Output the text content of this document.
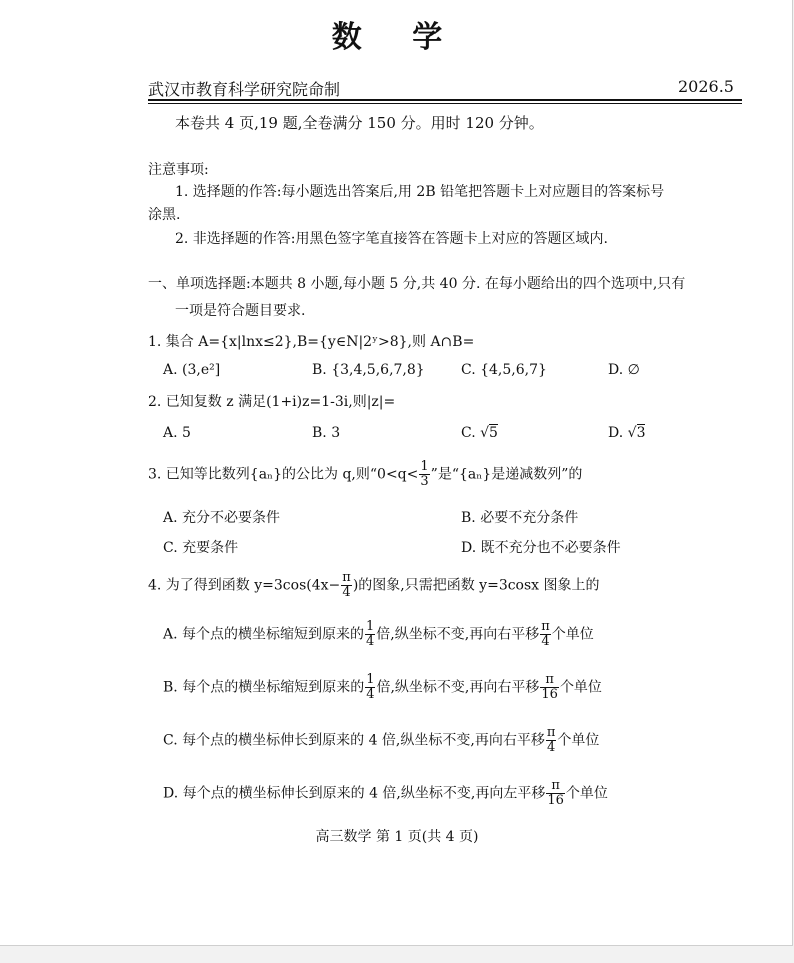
数 学
武汉市教育科学研究院命制	2026.5
本卷共 4 页,19 题,全卷满分 150 分。用时 120 分钟。
注意事项:
1. 选择题的作答:每小题选出答案后,用 2B 铅笔把答题卡上对应题目的答案标号
涂黑.
2. 非选择题的作答:用黑色签字笔直接答在答题卡上对应的答题区域内.
一、单项选择题:本题共 8 小题,每小题 5 分,共 40 分. 在每小题给出的四个选项中,只有
一项是符合题目要求.
1. 集合 A={x|lnx≤2},B={y∈N|2ʸ>8},则 A∩B=
A. (3,e²]	B. {3,4,5,6,7,8}	C. {4,5,6,7}	D. ∅
2. 已知复数 z 满足(1+i)z=1-3i,则|z|=
A. 5	B. 3	C. √5	D. √3
3. 已知等比数列{aₙ}的公比为 q,则“$0<q< \frac{1}{3}$ ”是“{aₙ}是递减数列”的
A. 充分不必要条件	B. 必要不充分条件
C. 充要条件	D. 既不充分也不必要条件
4. 为了得到函数 $y=3\cos(4x- \frac{\pi}{4}$ )的图象,只需把函数 y=3cosx 图象上的
A. 每个点的横坐标缩短到原来的 $\frac{1}{4}$ 倍,纵坐标不变,再向右平移 $\frac{\pi}{4}$ 个单位
B. 每个点的横坐标缩短到原来的 $\frac{1}{4}$ 倍,纵坐标不变,再向右平移 $\frac{\pi}{16}$ 个单位
C. 每个点的横坐标伸长到原来的 4 倍,纵坐标不变,再向右平移 $\frac{\pi}{4}$ 个单位
D. 每个点的横坐标伸长到原来的 4 倍,纵坐标不变,再向左平移 $\frac{\pi}{16}$ 个单位
高三数学 第 1 页(共 4 页)
